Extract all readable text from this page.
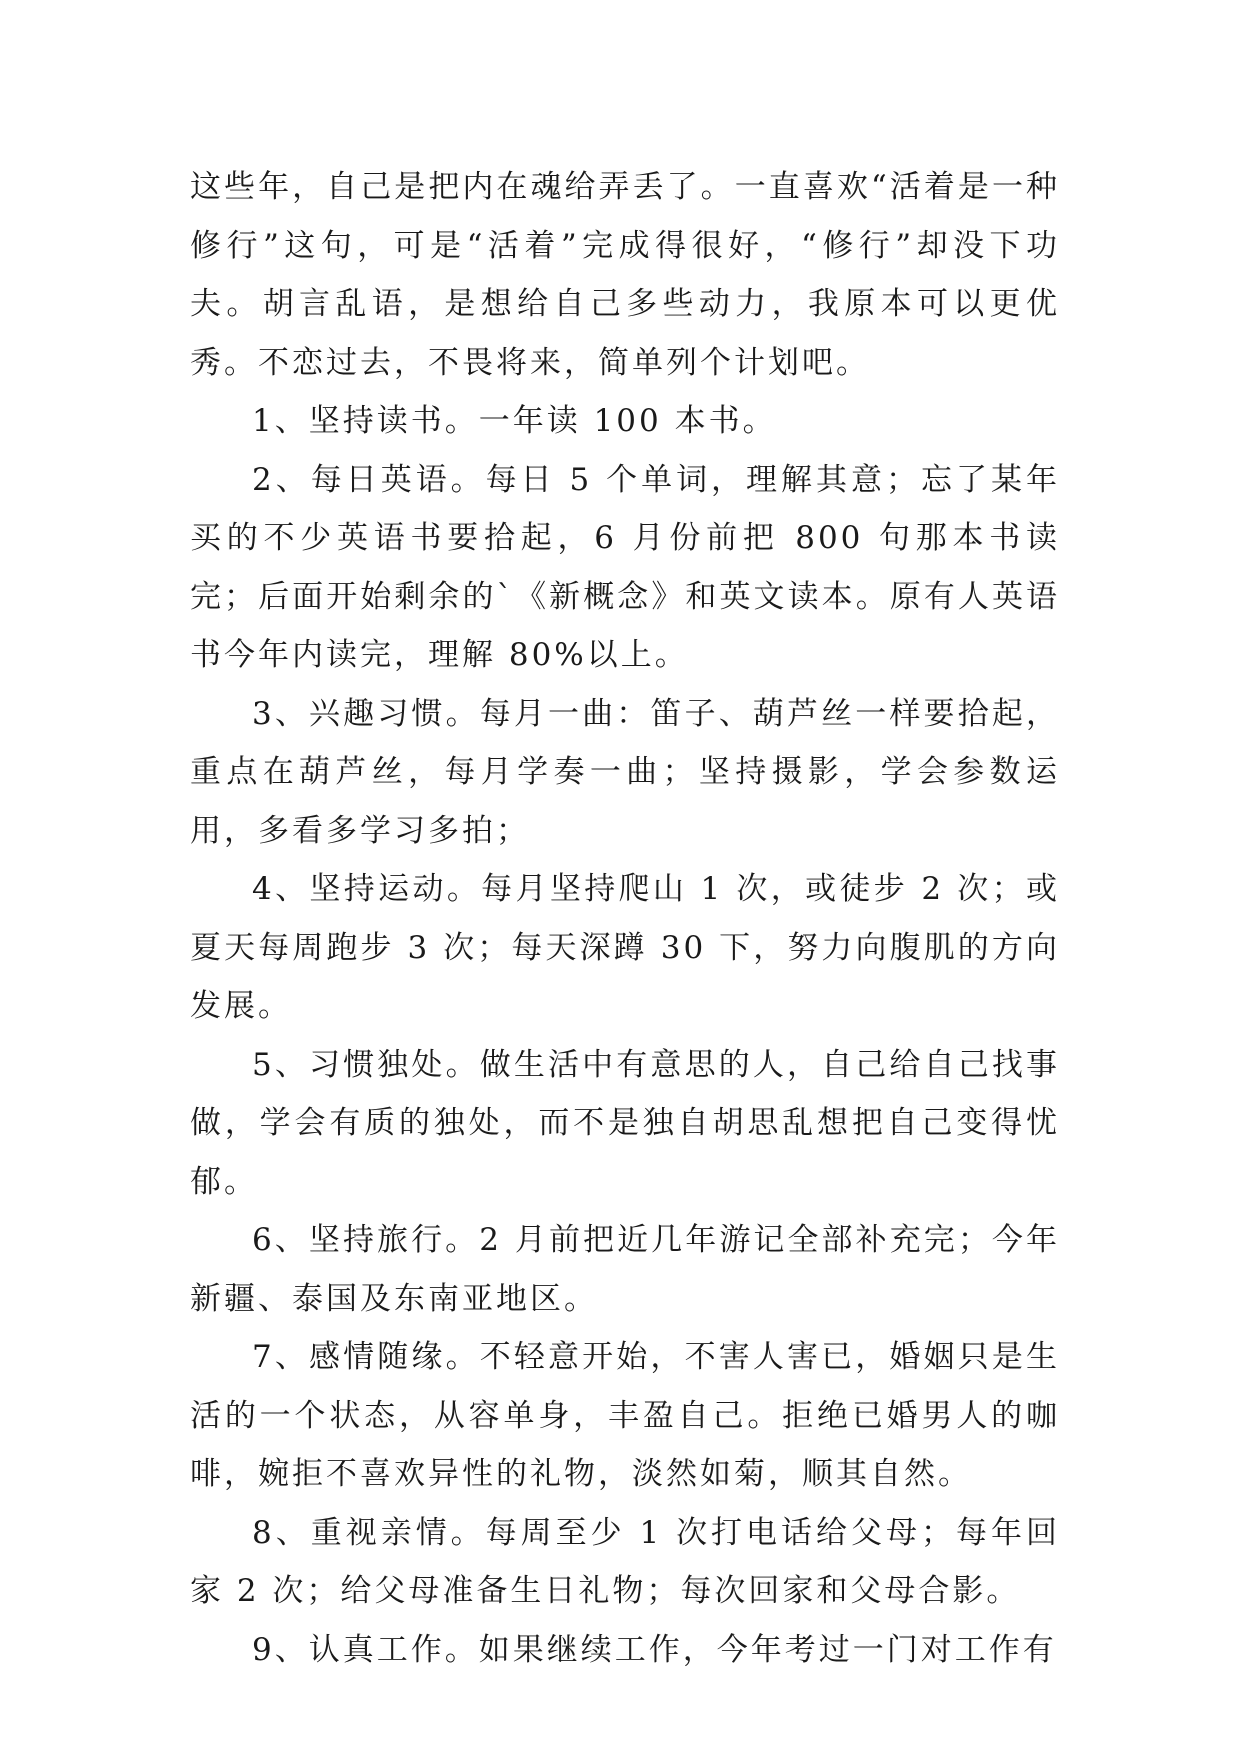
这些年，自己是把内在魂给弄丢了。一直喜欢“活着是一种修行”这句，可是“活着”完成得很好，“修行”却没下功夫。胡言乱语，是想给自己多些动力，我原本可以更优秀。不恋过去，不畏将来，简单列个计划吧。

1、坚持读书。一年读 100 本书。

2、每日英语。每日 5 个单词，理解其意；忘了某年买的不少英语书要拾起，6 月份前把 800 句那本书读完；后面开始剩余的`《新概念》和英文读本。原有人英语书今年内读完，理解 80%以上。

3、兴趣习惯。每月一曲：笛子、葫芦丝一样要拾起，重点在葫芦丝，每月学奏一曲；坚持摄影，学会参数运用，多看多学习多拍；

4、坚持运动。每月坚持爬山 1 次，或徒步 2 次；或夏天每周跑步 3 次；每天深蹲 30 下，努力向腹肌的方向发展。

5、习惯独处。做生活中有意思的人，自己给自己找事做，学会有质的独处，而不是独自胡思乱想把自己变得忧郁。

6、坚持旅行。2 月前把近几年游记全部补充完；今年新疆、泰国及东南亚地区。

7、感情随缘。不轻意开始，不害人害已，婚姻只是生活的一个状态，从容单身，丰盈自己。拒绝已婚男人的咖啡，婉拒不喜欢异性的礼物，淡然如菊，顺其自然。

8、重视亲情。每周至少 1 次打电话给父母；每年回家 2 次；给父母准备生日礼物；每次回家和父母合影。

9、认真工作。如果继续工作，今年考过一门对工作有
